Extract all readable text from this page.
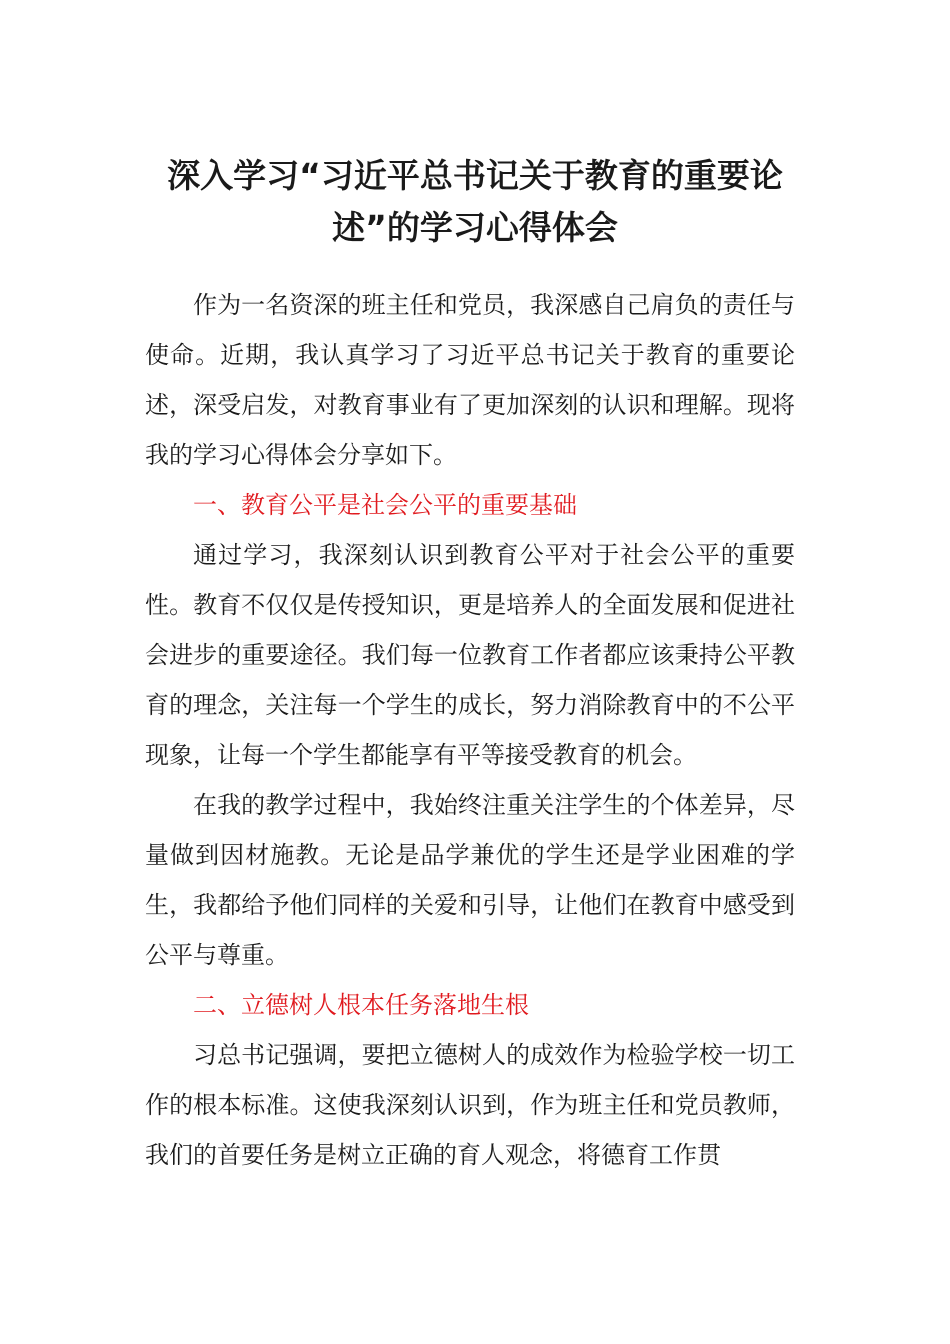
深入学习“习近平总书记关于教育的重要论述”的学习心得体会

作为一名资深的班主任和党员，我深感自己肩负的责任与使命。近期，我认真学习了习近平总书记关于教育的重要论述，深受启发，对教育事业有了更加深刻的认识和理解。现将我的学习心得体会分享如下。

一、教育公平是社会公平的重要基础

通过学习，我深刻认识到教育公平对于社会公平的重要性。教育不仅仅是传授知识，更是培养人的全面发展和促进社会进步的重要途径。我们每一位教育工作者都应该秉持公平教育的理念，关注每一个学生的成长，努力消除教育中的不公平现象，让每一个学生都能享有平等接受教育的机会。

在我的教学过程中，我始终注重关注学生的个体差异，尽量做到因材施教。无论是品学兼优的学生还是学业困难的学生，我都给予他们同样的关爱和引导，让他们在教育中感受到公平与尊重。

二、立德树人根本任务落地生根

习总书记强调，要把立德树人的成效作为检验学校一切工作的根本标准。这使我深刻认识到，作为班主任和党员教师，我们的首要任务是树立正确的育人观念，将德育工作贯
